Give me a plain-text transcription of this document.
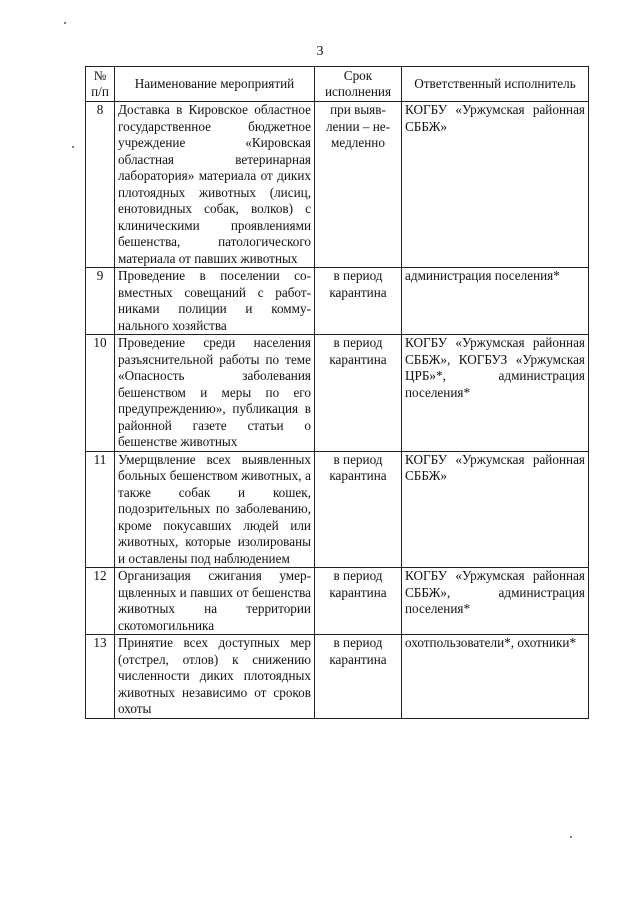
3
№ п/п	Наименование мероприятий	Срок исполнения	Ответственный исполнитель
8	Доставка в Кировское областное государственное бюджетное учреждение «Кировская областная ветеринарная лаборатория» материала от диких плотоядных животных (лисиц, енотовидных собак, волков) с клиническими проявлениями бешенства, патологического материала от павших животных	при выявлении – немедленно	КОГБУ «Уржумская районная СББЖ»
9	Проведение в поселении совместных совещаний с работниками полиции и коммунального хозяйства	в период карантина	администрация поселения*
10	Проведение среди населения разъяснительной работы по теме «Опасность заболевания бешенством и меры по его предупреждению», публикация в районной газете статьи о бешенстве животных	в период карантина	КОГБУ «Уржумская районная СББЖ», КОГБУЗ «Уржумская ЦРБ»*, администрация поселения*
11	Умерщвление всех выявленных больных бешенством животных, а также собак и кошек, подозрительных по заболеванию, кроме покусавших людей или животных, которые изолированы и оставлены под наблюдением	в период карантина	КОГБУ «Уржумская районная СББЖ»
12	Организация сжигания умерщвленных и павших от бешенства животных на территории скотомогильника	в период карантина	КОГБУ «Уржумская районная СББЖ», администрация поселения*
13	Принятие всех доступных мер (отстрел, отлов) к снижению численности диких плотоядных животных независимо от сроков охоты	в период карантина	охотпользователи*, охотники*
